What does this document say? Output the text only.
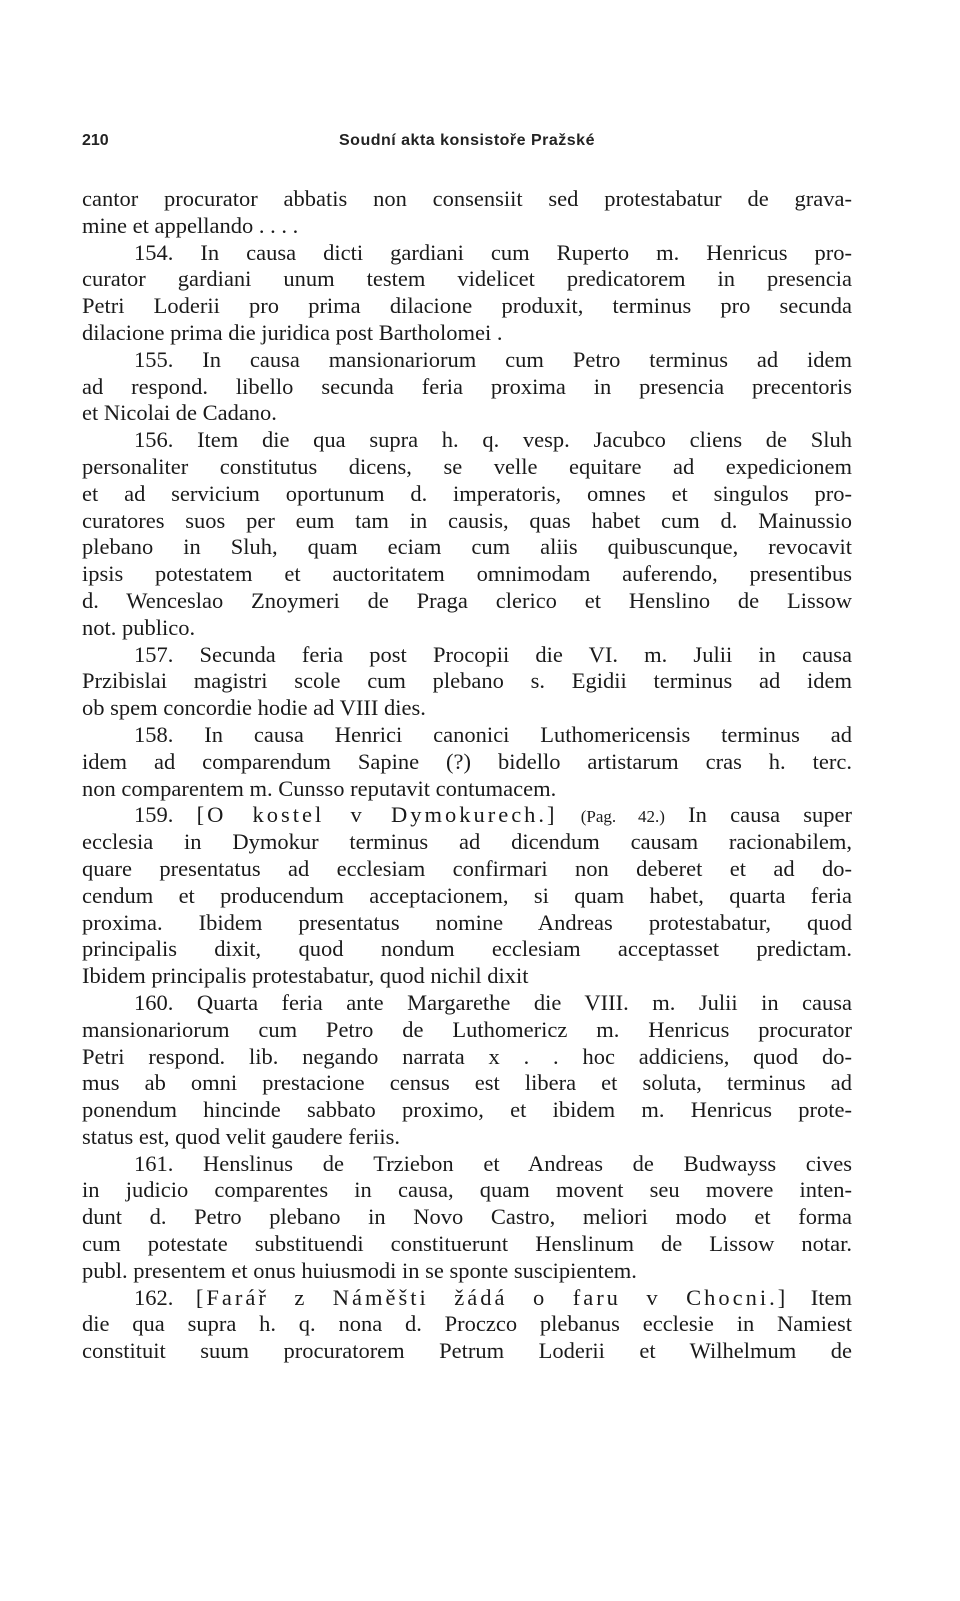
210	Soudní akta konsistoře Pražské
cantor procurator abbatis non consensiit sed protestabatur de grava-
mine et appellando . . . .
154. In causa dicti gardiani cum Ruperto m. Henricus pro-
curator gardiani unum testem videlicet predicatorem in presencia
Petri Loderii pro prima dilacione produxit, terminus pro secunda
dilacione prima die juridica post Bartholomei .
155. In causa mansionariorum cum Petro terminus ad idem
ad respond. libello secunda feria proxima in presencia precentoris
et Nicolai de Cadano.
156. Item die qua supra h. q. vesp. Jacubco cliens de Sluh
personaliter constitutus dicens, se velle equitare ad expedicionem
et ad servicium oportunum d. imperatoris, omnes et singulos pro-
curatores suos per eum tam in causis, quas habet cum d. Mainussio
plebano in Sluh, quam eciam cum aliis quibuscunque, revocavit
ipsis potestatem et auctoritatem omnimodam auferendo, presentibus
d. Wenceslao Znoymeri de Praga clerico et Henslino de Lissow
not. publico.
157. Secunda feria post Procopii die VI. m. Julii in causa
Przibislai magistri scole cum plebano s. Egidii terminus ad idem
ob spem concordie hodie ad VIII dies.
158. In causa Henrici canonici Luthomericensis terminus ad
idem ad comparendum Sapine (?) bidello artistarum cras h. terc.
non comparentem m. Cunsso reputavit contumacem.
159. [O kostel v Dymokurech.] (Pag. 42.) In causa super
ecclesia in Dymokur terminus ad dicendum causam racionabilem,
quare presentatus ad ecclesiam confirmari non deberet et ad do-
cendum et producendum acceptacionem, si quam habet, quarta feria
proxima. Ibidem presentatus nomine Andreas protestabatur, quod
principalis dixit, quod nondum ecclesiam acceptasset predictam.
Ibidem principalis protestabatur, quod nichil dixit
160. Quarta feria ante Margarethe die VIII. m. Julii in causa
mansionariorum cum Petro de Luthomericz m. Henricus procurator
Petri respond. lib. negando narrata x . . hoc addiciens, quod do-
mus ab omni prestacione census est libera et soluta, terminus ad
ponendum hincinde sabbato proximo, et ibidem m. Henricus prote-
status est, quod velit gaudere feriis.
161. Henslinus de Trziebon et Andreas de Budwayss cives
in judicio comparentes in causa, quam movent seu movere inten-
dunt d. Petro plebano in Novo Castro, meliori modo et forma
cum potestate substituendi constituerunt Henslinum de Lissow notar.
publ. presentem et onus huiusmodi in se sponte suscipientem.
162. [Farář z Náměšti žádá o faru v Chocni.] Item
die qua supra h. q. nona d. Proczco plebanus ecclesie in Namiest
constituit suum procuratorem Petrum Loderii et Wilhelmum de
